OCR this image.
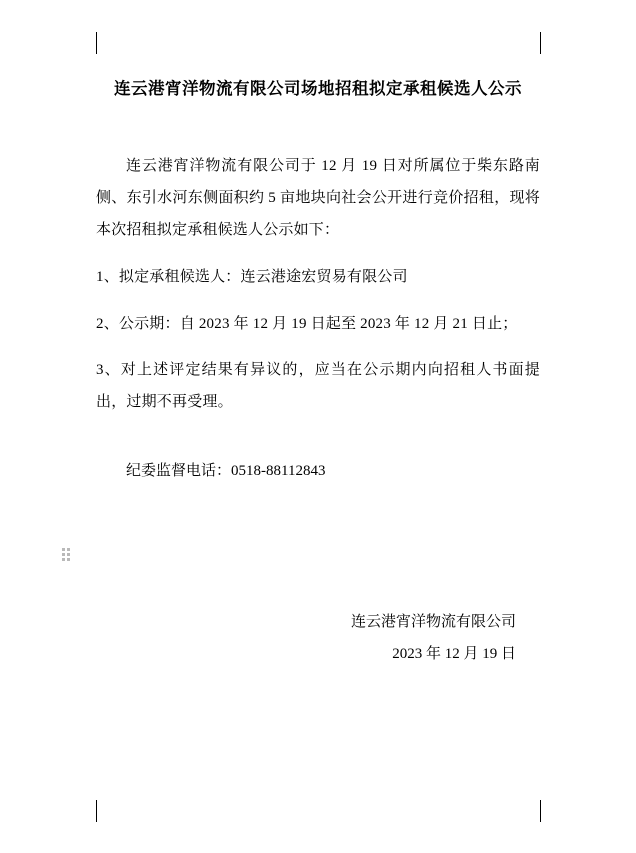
连云港宵洋物流有限公司场地招租拟定承租候选人公示

连云港宵洋物流有限公司于 12 月 19 日对所属位于柴东路南侧、东引水河东侧面积约 5 亩地块向社会公开进行竞价招租，现将本次招租拟定承租候选人公示如下：

1、拟定承租候选人：连云港途宏贸易有限公司

2、公示期：自 2023 年 12 月 19 日起至 2023 年 12 月 21 日止；

3、对上述评定结果有异议的，应当在公示期内向招租人书面提出，过期不再受理。

纪委监督电话：0518-88112843
连云港宵洋物流有限公司
2023 年 12 月 19 日
